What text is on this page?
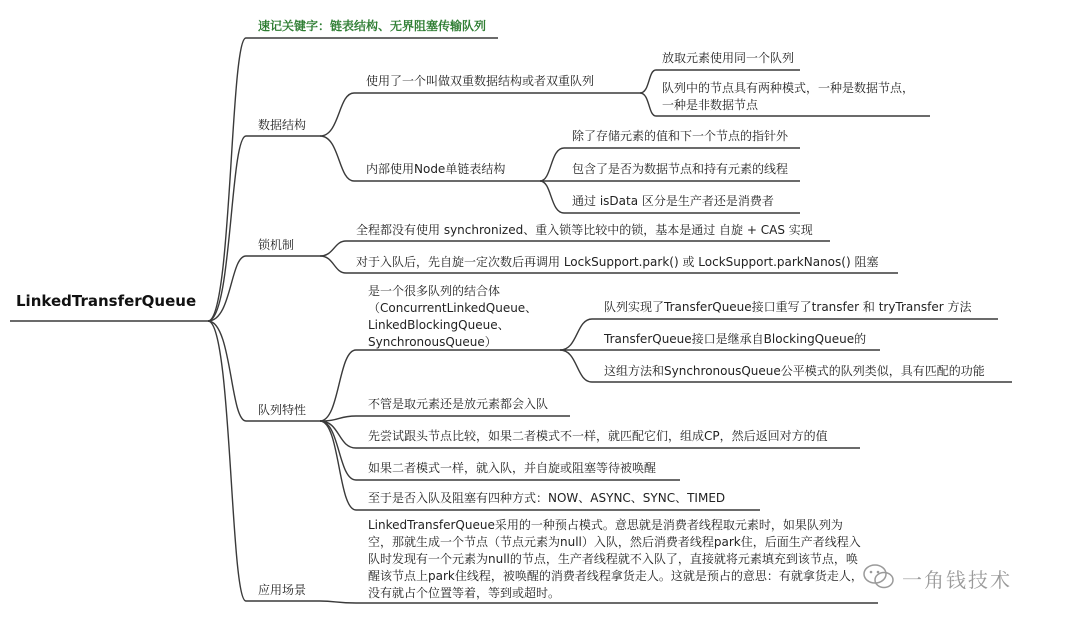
LinkedTransferQueue
速记关键字：链表结构、无界阻塞传输队列
数据结构
锁机制
队列特性
应用场景
使用了一个叫做双重数据结构或者双重队列
放取元素使用同一个队列
队列中的节点具有两种模式，一种是数据节点，一种是非数据节点
内部使用Node单链表结构
除了存储元素的值和下一个节点的指针外
包含了是否为数据节点和持有元素的线程
通过 isData 区分是生产者还是消费者
全程都没有使用 synchronized、重入锁等比较中的锁，基本是通过 自旋 + CAS 实现
对于入队后，先自旋一定次数后再调用 LockSupport.park() 或 LockSupport.parkNanos() 阻塞
是一个很多队列的结合体（ConcurrentLinkedQueue、LinkedBlockingQueue、SynchronousQueue）
队列实现了TransferQueue接口重写了transfer 和 tryTransfer 方法
TransferQueue接口是继承自BlockingQueue的
这组方法和SynchronousQueue公平模式的队列类似，具有匹配的功能
不管是取元素还是放元素都会入队
先尝试跟头节点比较，如果二者模式不一样，就匹配它们，组成CP，然后返回对方的值
如果二者模式一样，就入队，并自旋或阻塞等待被唤醒
至于是否入队及阻塞有四种方式：NOW、ASYNC、SYNC、TIMED
LinkedTransferQueue采用的一种预占模式。意思就是消费者线程取元素时，如果队列为空，那就生成一个节点（节点元素为null）入队，然后消费者线程park住，后面生产者线程入队时发现有一个元素为null的节点，生产者线程就不入队了，直接就将元素填充到该节点，唤醒该节点上park住线程，被唤醒的消费者线程拿货走人。这就是预占的意思：有就拿货走人，没有就占个位置等着，等到或超时。
一角钱技术
